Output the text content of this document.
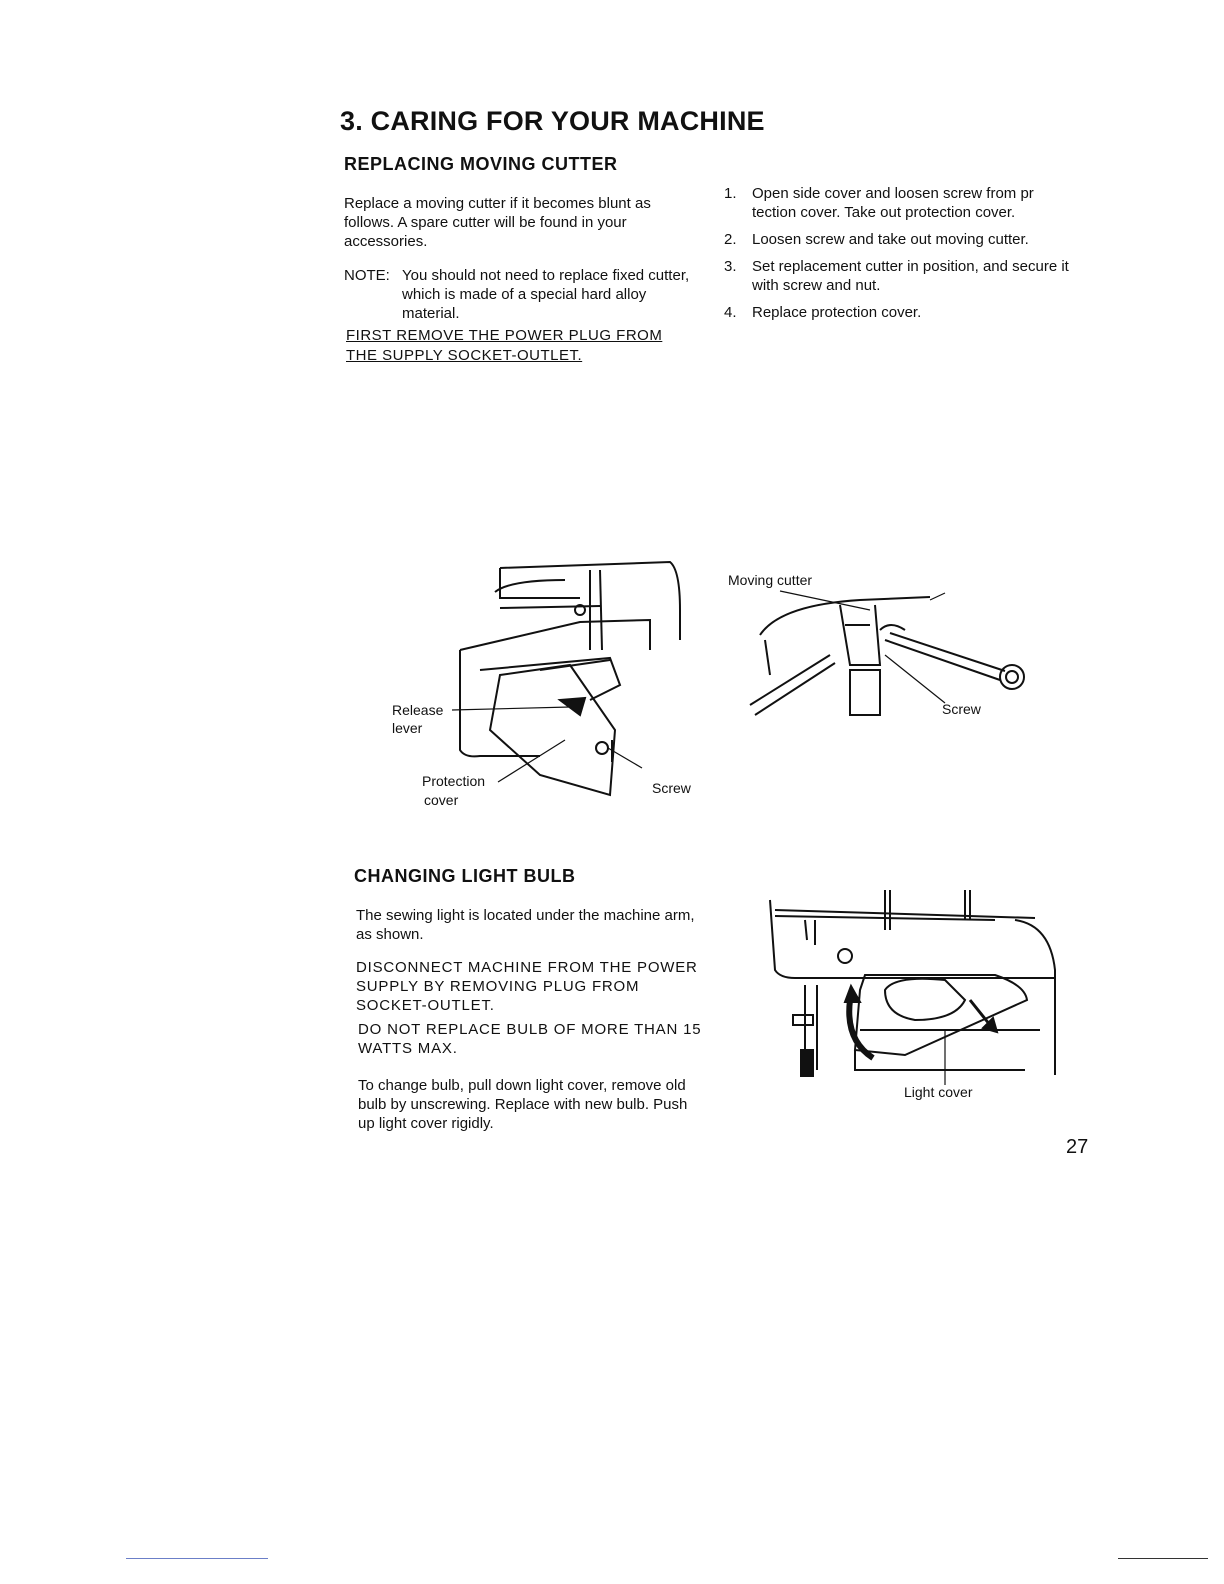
3. CARING FOR YOUR MACHINE
REPLACING MOVING CUTTER
Replace a moving cutter if it becomes blunt as follows. A spare cutter will be found in your accessories.
NOTE: You should not need to replace fixed cutter, which is made of a special hard alloy material.
FIRST REMOVE THE POWER PLUG FROM
THE SUPPLY SOCKET-OUTLET.
1. Open side cover and loosen screw from pr tection cover. Take out protection cover.
2. Loosen screw and take out moving cutter.
3. Set replacement cutter in position, and secure it with screw and nut.
4. Replace protection cover.
Release
lever
Protection
cover
Screw
Moving cutter
Screw
CHANGING LIGHT BULB
The sewing light is located under the machine arm, as shown.
DISCONNECT MACHINE FROM THE POWER SUPPLY BY REMOVING PLUG FROM SOCKET-OUTLET.
DO NOT REPLACE BULB OF MORE THAN 15 WATTS MAX.
To change bulb, pull down light cover, remove old bulb by unscrewing. Replace with new bulb. Push up light cover rigidly.
Light cover
27
